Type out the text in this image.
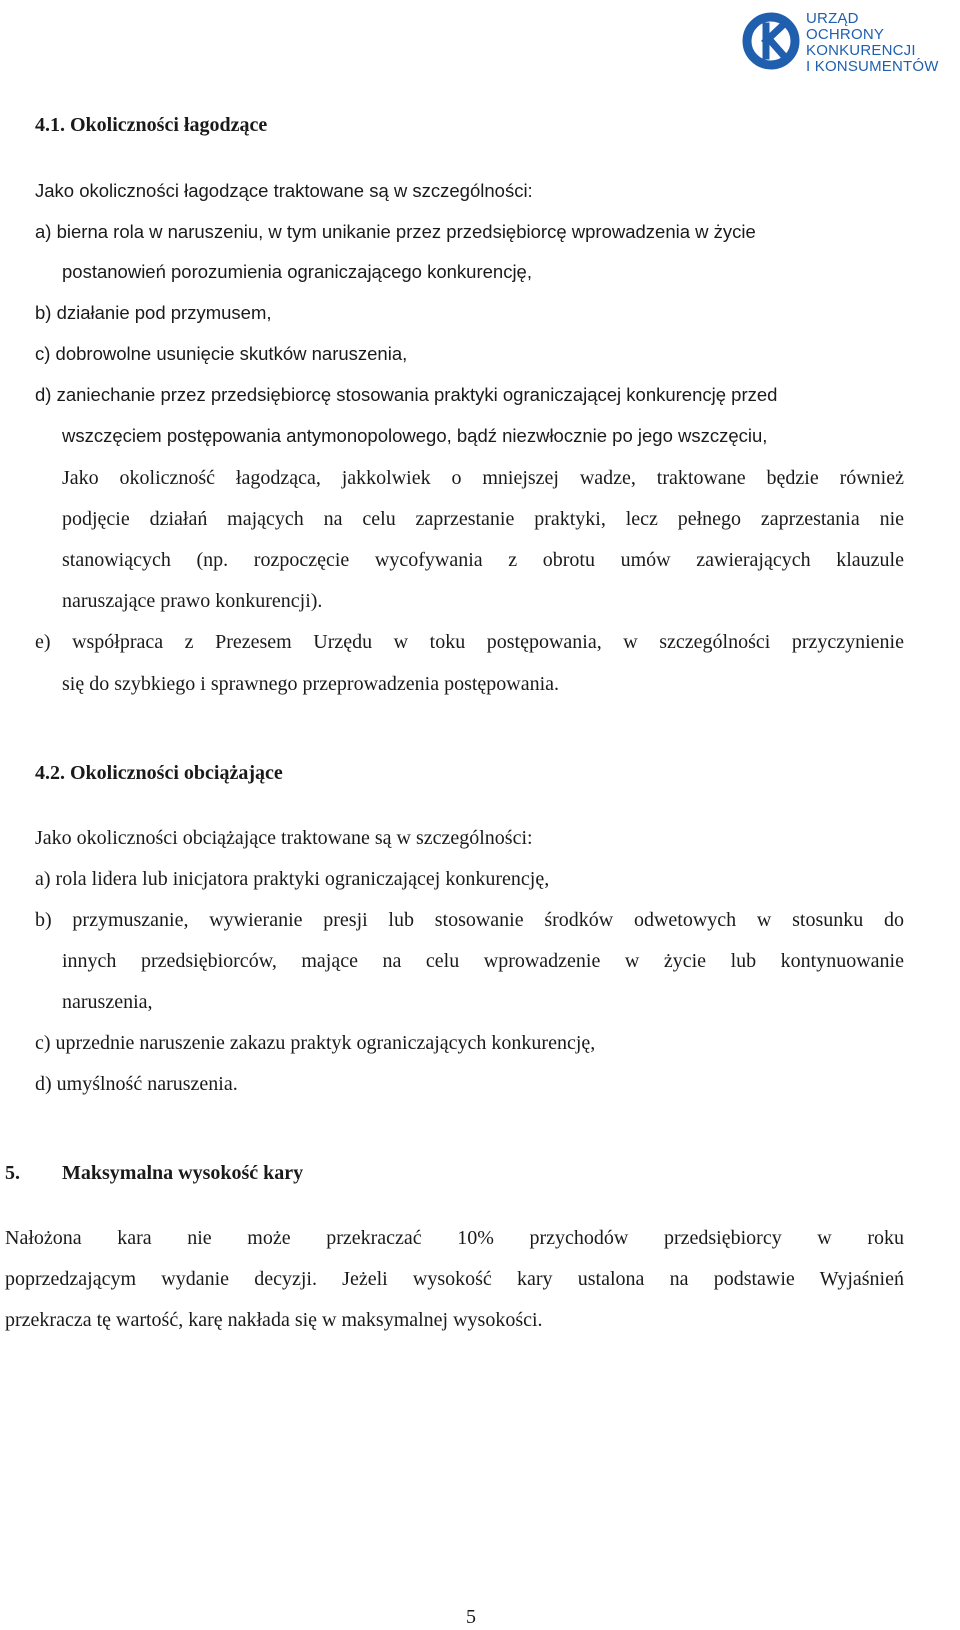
URZĄD
OCHRONY
KONKURENCJI
I KONSUMENTÓW
4.1. Okoliczności łagodzące
Jako okoliczności łagodzące traktowane są w szczególności:
a) bierna rola w naruszeniu, w tym unikanie przez przedsiębiorcę wprowadzenia w życie
postanowień porozumienia ograniczającego konkurencję,
b) działanie pod przymusem,
c) dobrowolne usunięcie skutków naruszenia,
d) zaniechanie przez przedsiębiorcę stosowania praktyki ograniczającej konkurencję przed
wszczęciem postępowania antymonopolowego, bądź niezwłocznie po jego wszczęciu,
Jako okoliczność łagodząca, jakkolwiek o mniejszej wadze, traktowane będzie również
podjęcie działań mających na celu zaprzestanie praktyki, lecz pełnego zaprzestania nie
stanowiących (np. rozpoczęcie wycofywania z obrotu umów zawierających klauzule
naruszające prawo konkurencji).
e) współpraca z Prezesem Urzędu w toku postępowania, w szczególności przyczynienie
się do szybkiego i sprawnego przeprowadzenia postępowania.
4.2. Okoliczności obciążające
Jako okoliczności obciążające traktowane są w szczególności:
a) rola lidera lub inicjatora praktyki ograniczającej konkurencję,
b) przymuszanie, wywieranie presji lub stosowanie środków odwetowych w stosunku do
innych przedsiębiorców, mające na celu wprowadzenie w życie lub kontynuowanie
naruszenia,
c) uprzednie naruszenie zakazu praktyk ograniczających konkurencję,
d) umyślność naruszenia.
5. Maksymalna wysokość kary
Nałożona kara nie może przekraczać 10% przychodów przedsiębiorcy w roku
poprzedzającym wydanie decyzji. Jeżeli wysokość kary ustalona na podstawie Wyjaśnień
przekracza tę wartość, karę nakłada się w maksymalnej wysokości.
5
